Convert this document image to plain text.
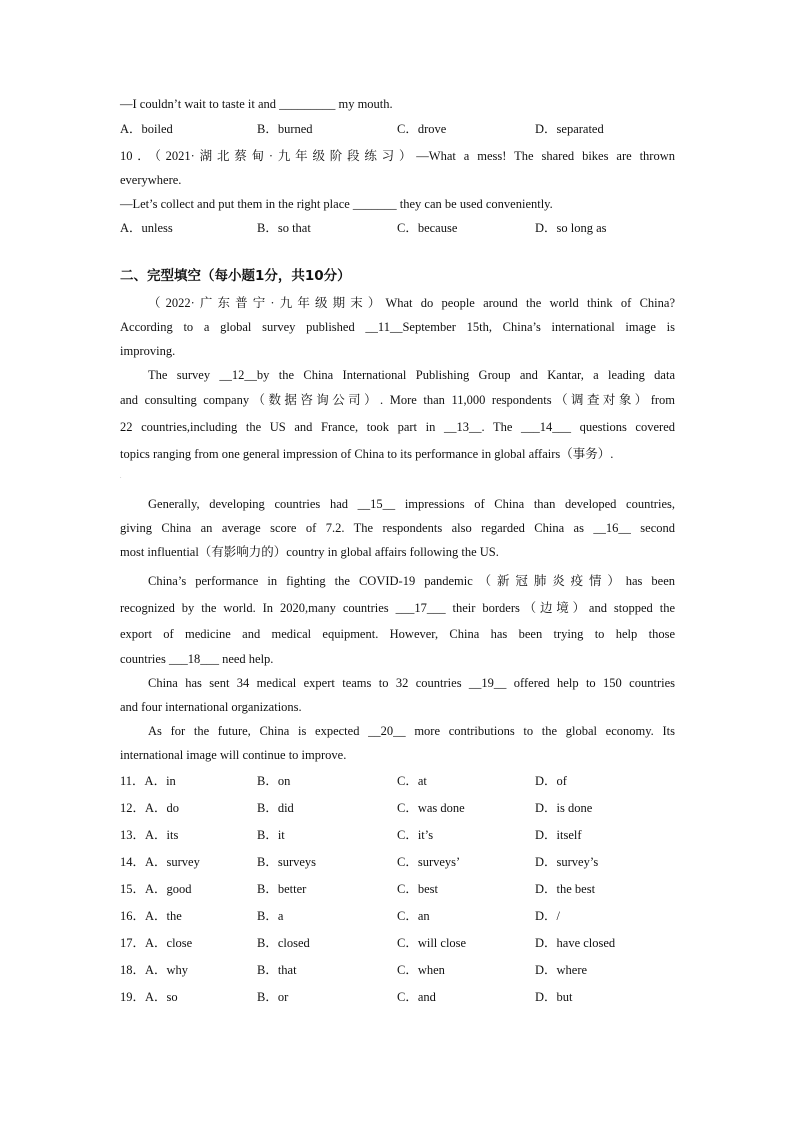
—I couldn’t wait to taste it and _________ my mouth.
A．boiled	B．burned	C．drove	D．separated
10．（2021·湖北蔡甸·九年级阶段练习）—What a mess! The shared bikes are thrown
everywhere.
—Let’s collect and put them in the right place _______ they can be used conveniently.
A．unless	B．so that	C．because	D．so long as
二、完型填空（每小题1分，共10分）
（2022·广东普宁·九年级期末）What do people around the world think of China?
According to a global survey published __11__September 15th, China’s international image is
improving.
The survey __12__by the China International Publishing Group and Kantar, a leading data
and consulting company（数据咨询公司）. More than 11,000 respondents（调查对象）from
22 countries,including the US and France, took part in __13__. The ___14___ questions covered
topics ranging from one general impression of China to its performance in global affairs（事务）.
.
Generally, developing countries had __15__ impressions of China than developed countries,
giving China an average score of 7.2. The respondents also regarded China as __16__ second
most influential（有影响力的）country in global affairs following the US.
China’s performance in fighting the COVID-19 pandemic（新冠肺炎疫情）has been
recognized by the world. In 2020,many countries ___17___ their borders（边境）and stopped the
export of medicine and medical equipment. However, China has been trying to help those
countries ___18___ need help.
China has sent 34 medical expert teams to 32 countries __19__ offered help to 150 countries
and four international organizations.
As for the future, China is expected __20__ more contributions to the global economy. Its
international image will continue to improve.
11．A．in	B．on	C．at	D．of
12．A．do	B．did	C．was done	D．is done
13．A．its	B．it	C．it’s	D．itself
14．A．survey	B．surveys	C．surveys’	D．survey’s
15．A．good	B．better	C．best	D．the best
16．A．the	B．a	C．an	D．/
17．A．close	B．closed	C．will close	D．have closed
18．A．why	B．that	C．when	D．where
19．A．so	B．or	C．and	D．but
